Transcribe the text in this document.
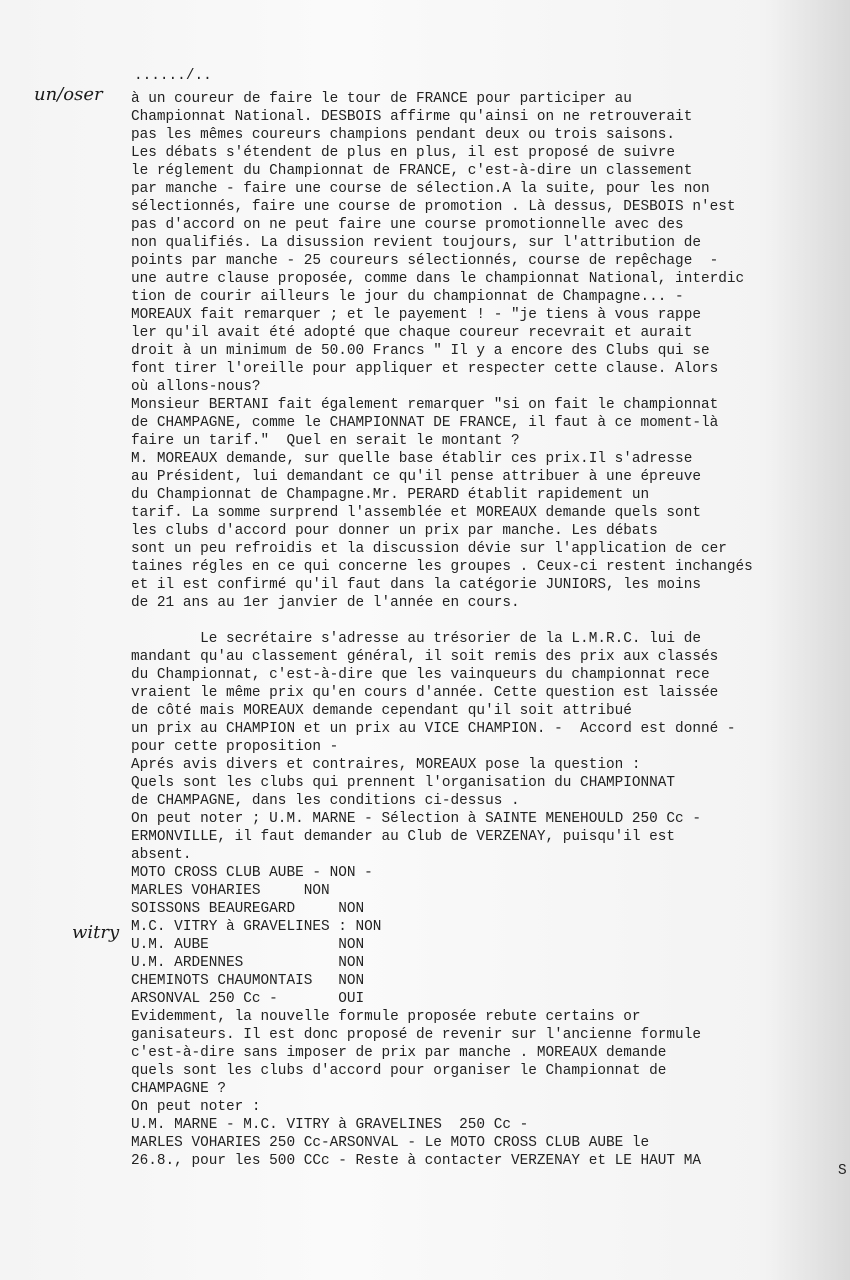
un/oser
witry
....../..
à un coureur de faire le tour de FRANCE pour participer au
Championnat National. DESBOIS affirme qu'ainsi on ne retrouverait
pas les mêmes coureurs champions pendant deux ou trois saisons.
Les débats s'étendent de plus en plus, il est proposé de suivre
le réglement du Championnat de FRANCE, c'est-à-dire un classement
par manche - faire une course de sélection.A la suite, pour les non
sélectionnés, faire une course de promotion . Là dessus, DESBOIS n'est
pas d'accord on ne peut faire une course promotionnelle avec des
non qualifiés. La disussion revient toujours, sur l'attribution de
points par manche - 25 coureurs sélectionnés, course de repêchage  -
une autre clause proposée, comme dans le championnat National, interdic
tion de courir ailleurs le jour du championnat de Champagne... -
MOREAUX fait remarquer ; et le payement ! - "je tiens à vous rappe
ler qu'il avait été adopté que chaque coureur recevrait et aurait
droit à un minimum de 50.00 Francs " Il y a encore des Clubs qui se
font tirer l'oreille pour appliquer et respecter cette clause. Alors
où allons-nous?
Monsieur BERTANI fait également remarquer "si on fait le championnat
de CHAMPAGNE, comme le CHAMPIONNAT DE FRANCE, il faut à ce moment-là
faire un tarif."  Quel en serait le montant ?
M. MOREAUX demande, sur quelle base établir ces prix.Il s'adresse
au Président, lui demandant ce qu'il pense attribuer à une épreuve
du Championnat de Champagne.Mr. PERARD établit rapidement un
tarif. La somme surprend l'assemblée et MOREAUX demande quels sont
les clubs d'accord pour donner un prix par manche. Les débats
sont un peu refroidis et la discussion dévie sur l'application de cer
taines régles en ce qui concerne les groupes . Ceux-ci restent inchangés
et il est confirmé qu'il faut dans la catégorie JUNIORS, les moins
de 21 ans au 1er janvier de l'année en cours.
Le secrétaire s'adresse au trésorier de la L.M.R.C. lui de
mandant qu'au classement général, il soit remis des prix aux classés
du Championnat, c'est-à-dire que les vainqueurs du championnat rece
vraient le même prix qu'en cours d'année. Cette question est laissée
de côté mais MOREAUX demande cependant qu'il soit attribué
un prix au CHAMPION et un prix au VICE CHAMPION. -  Accord est donné -
pour cette proposition -
Aprés avis divers et contraires, MOREAUX pose la question :
Quels sont les clubs qui prennent l'organisation du CHAMPIONNAT
de CHAMPAGNE, dans les conditions ci-dessus .
On peut noter ; U.M. MARNE - Sélection à SAINTE MENEHOULD 250 Cc -
ERMONVILLE, il faut demander au Club de VERZENAY, puisqu'il est
absent.
MOTO CROSS CLUB AUBE - NON -
MARLES VOHARIES     NON
SOISSONS BEAUREGARD     NON
M.C. VITRY à GRAVELINES : NON
U.M. AUBE               NON
U.M. ARDENNES           NON
CHEMINOTS CHAUMONTAIS   NON
ARSONVAL 250 Cc -       OUI
Evidemment, la nouvelle formule proposée rebute certains or
ganisateurs. Il est donc proposé de revenir sur l'ancienne formule
c'est-à-dire sans imposer de prix par manche . MOREAUX demande
quels sont les clubs d'accord pour organiser le Championnat de
CHAMPAGNE ?
On peut noter :
U.M. MARNE - M.C. VITRY à GRAVELINES  250 Cc -
MARLES VOHARIES 250 Cc-ARSONVAL - Le MOTO CROSS CLUB AUBE le
26.8., pour les 500 CCc - Reste à contacter VERZENAY et LE HAUT MA
S
